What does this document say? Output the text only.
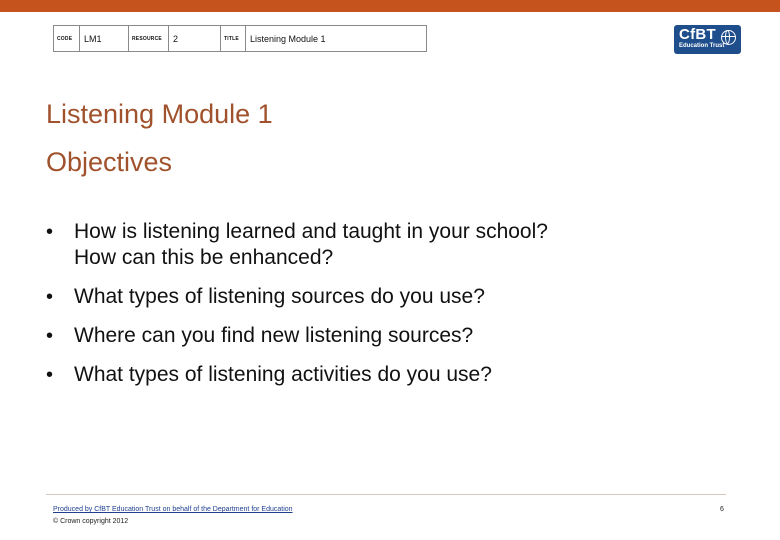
CODE	LM1	RESOURCE	2	TITLE	Listening Module 1	CfBT
Education Trust
Listening Module 1
Objectives
• How is listening learned and taught in your school?
How can this be enhanced?
• What types of listening sources do you use?
• Where can you find new listening sources?
• What types of listening activities do you use?
Produced by CfBT Education Trust on behalf of the Department for Education
© Crown copyright 2012
6
